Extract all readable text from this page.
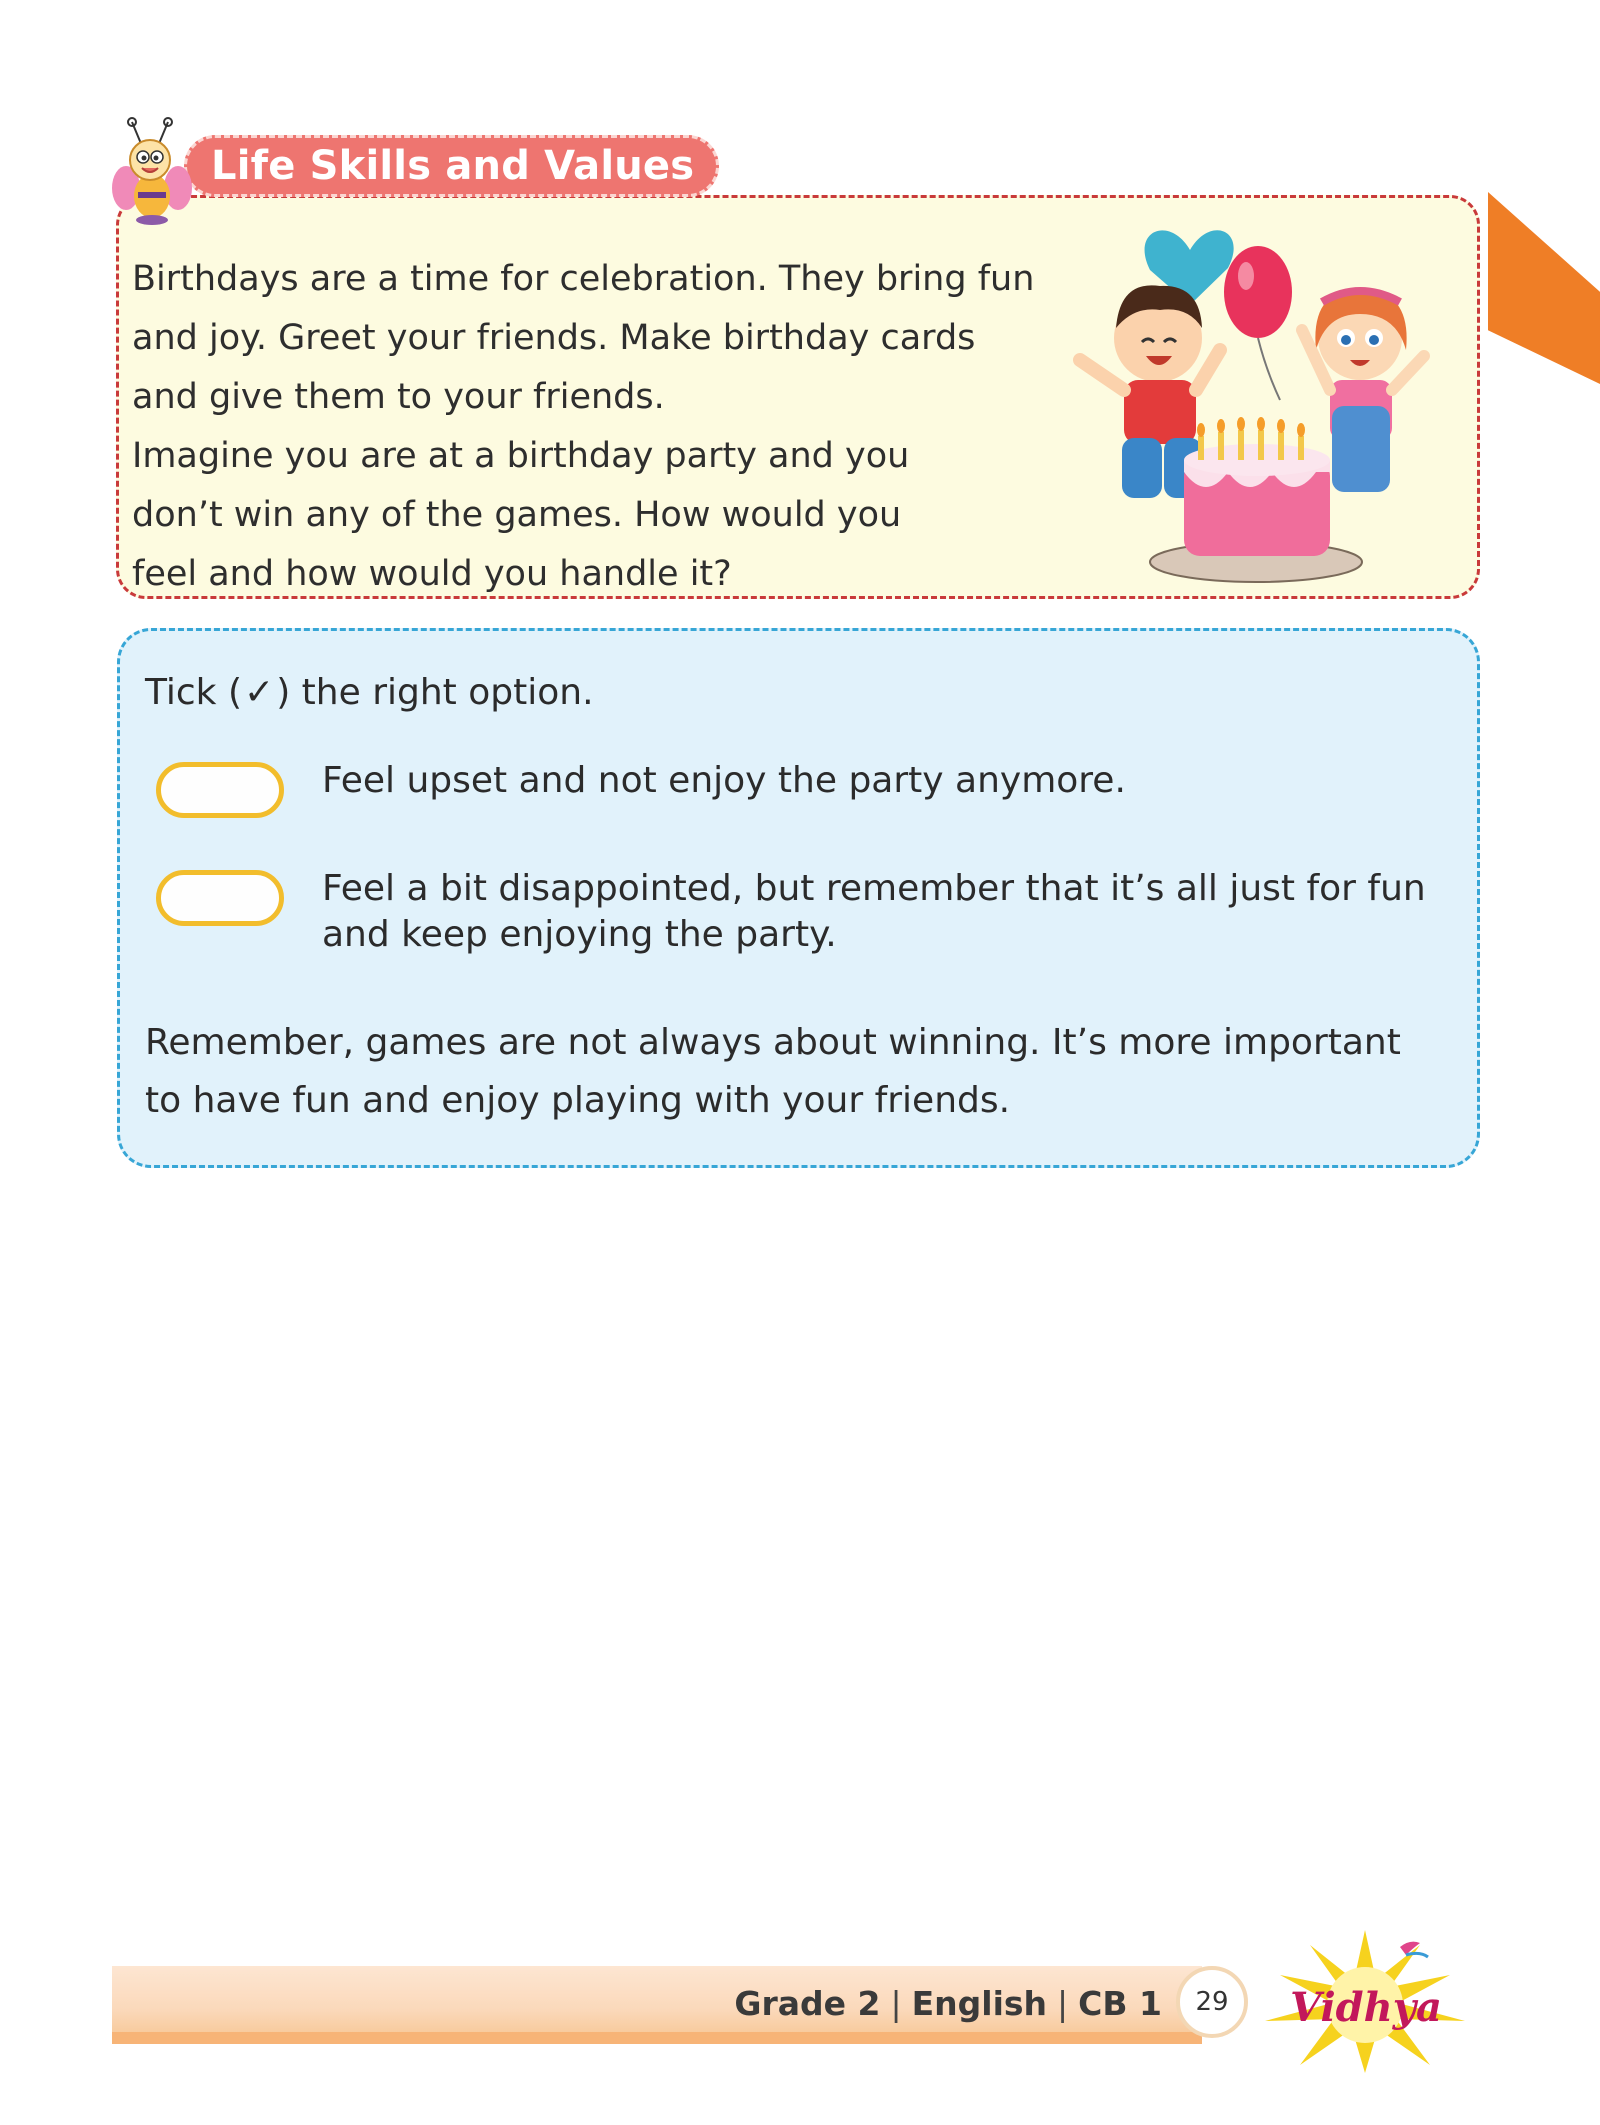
Life Skills and Values

Birthdays are a time for celebration. They bring fun

and joy. Greet your friends. Make birthday cards

and give them to your friends.

Imagine you are at a birthday party and you

don’t win any of the games. How would you

feel and how would you handle it?

Tick ( ✓ ) the right option.
Feel upset and not enjoy the party anymore.
Feel a bit disappointed, but remember that it’s all just for fun and keep enjoying the party.

Remember, games are not always about winning. It’s more important

to have fun and enjoy playing with your friends.

Grade 2 | English | CB 1	29	Vidhya
